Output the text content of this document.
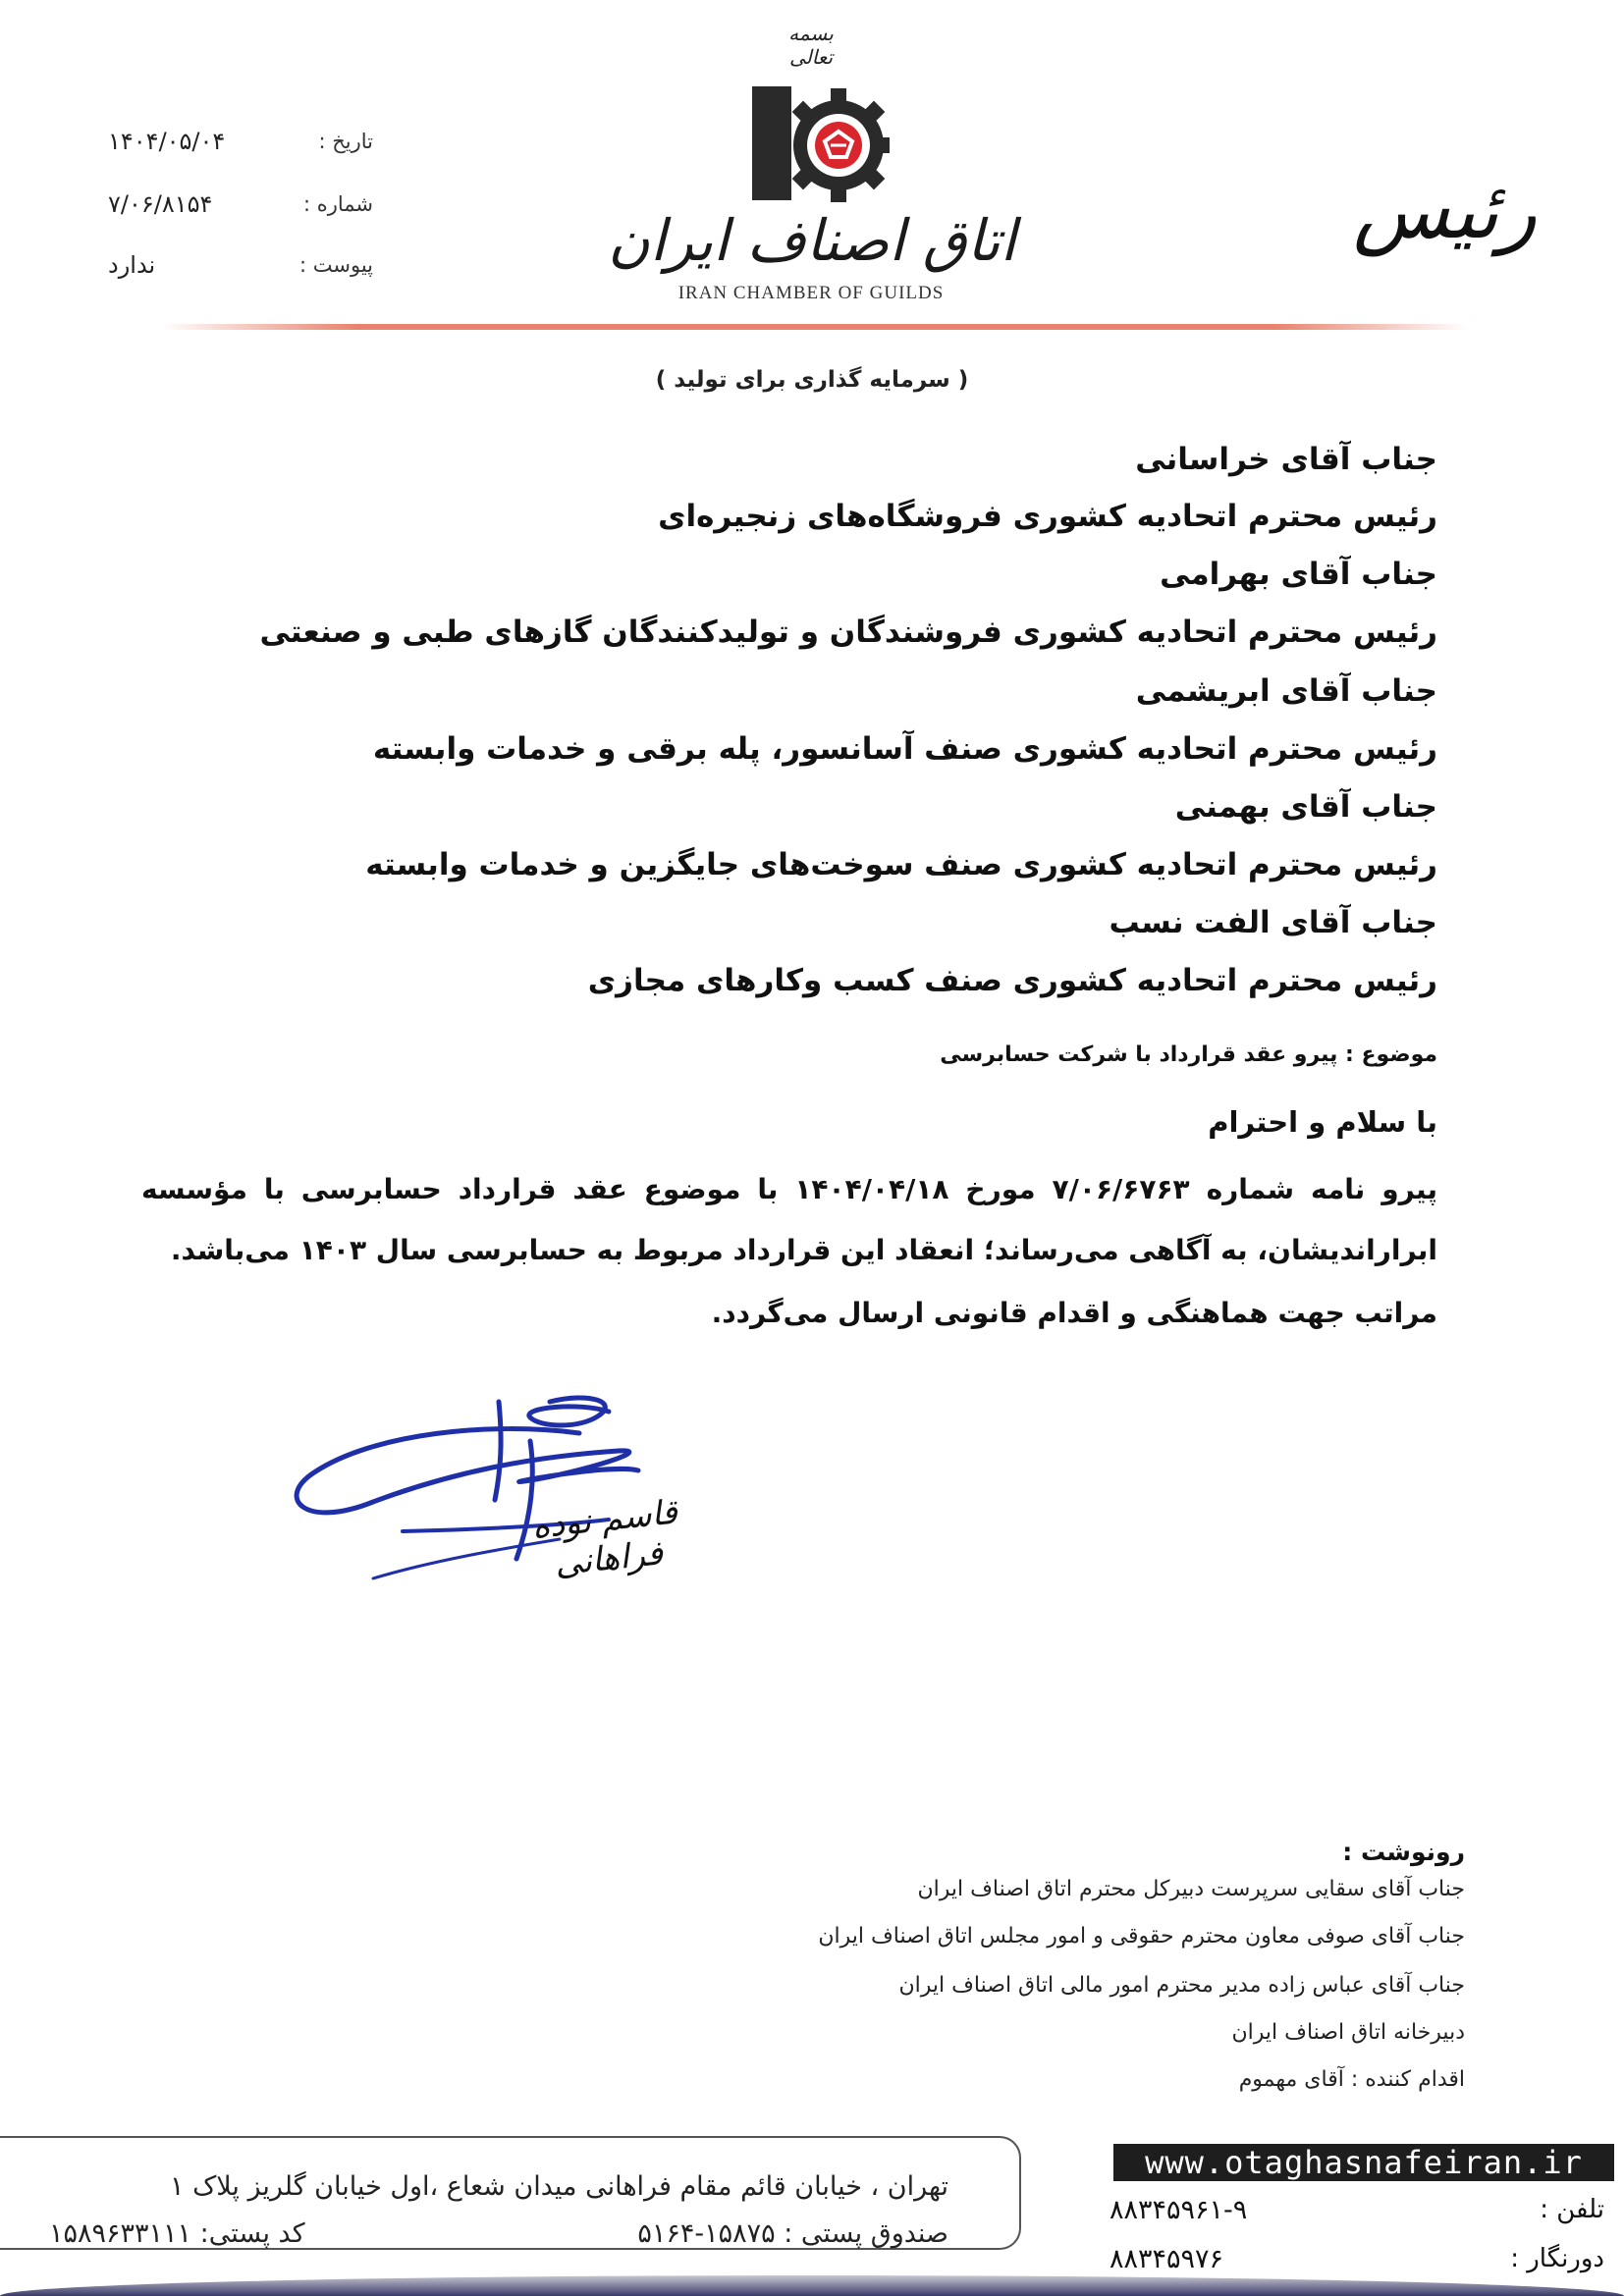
بسمه تعالی
اتاق اصناف ایران
IRAN CHAMBER OF GUILDS
رئیس
۱۴۰۴/۰۵/۰۴	تاریخ :
۷/۰۶/۸۱۵۴	شماره :
ندارد	پیوست :
( سرمایه گذاری برای تولید )
جناب آقای خراسانی
رئیس محترم اتحادیه کشوری فروشگاه‌های زنجیره‌ای
جناب آقای بهرامی
رئیس محترم اتحادیه کشوری فروشندگان و تولیدکنندگان گازهای طبی و صنعتی
جناب آقای ابریشمی
رئیس محترم اتحادیه کشوری صنف آسانسور، پله برقی و خدمات وابسته
جناب آقای بهمنی
رئیس محترم اتحادیه کشوری صنف سوخت‌های جایگزین و خدمات وابسته
جناب آقای الفت نسب
رئیس محترم اتحادیه کشوری صنف کسب وکارهای مجازی
موضوع : پیرو عقد قرارداد با شرکت حسابرسی
با سلام و احترام
پیرو نامه شماره ۷/۰۶/۶۷۶۳ مورخ ۱۴۰۴/۰۴/۱۸ با موضوع عقد قرارداد حسابرسی با مؤسسه
ابراراندیشان، به آگاهی می‌رساند؛ انعقاد این قرارداد مربوط به حسابرسی سال ۱۴۰۳ می‌باشد.
مراتب جهت هماهنگی و اقدام قانونی ارسال می‌گردد.
قاسم نوده فراهانی
رونوشت :
جناب آقای سقایی سرپرست دبیرکل محترم اتاق اصناف ایران
جناب آقای صوفی معاون محترم حقوقی و امور مجلس اتاق اصناف ایران
جناب آقای عباس زاده مدیر محترم امور مالی اتاق اصناف ایران
دبیرخانه اتاق اصناف ایران
اقدام کننده : آقای مهموم
تهران ، خیابان قائم مقام فراهانی میدان شعاع ،اول خیابان گلریز پلاک ۱
صندوق پستی : ۱۵۸۷۵-۵۱۶۴
کد پستی: ۱۵۸۹۶۳۳۱۱۱
www.otaghasnafeiran.ir
تلفن :
۸۸۳۴۵۹۶۱-۹
دورنگار :
۸۸۳۴۵۹۷۶
